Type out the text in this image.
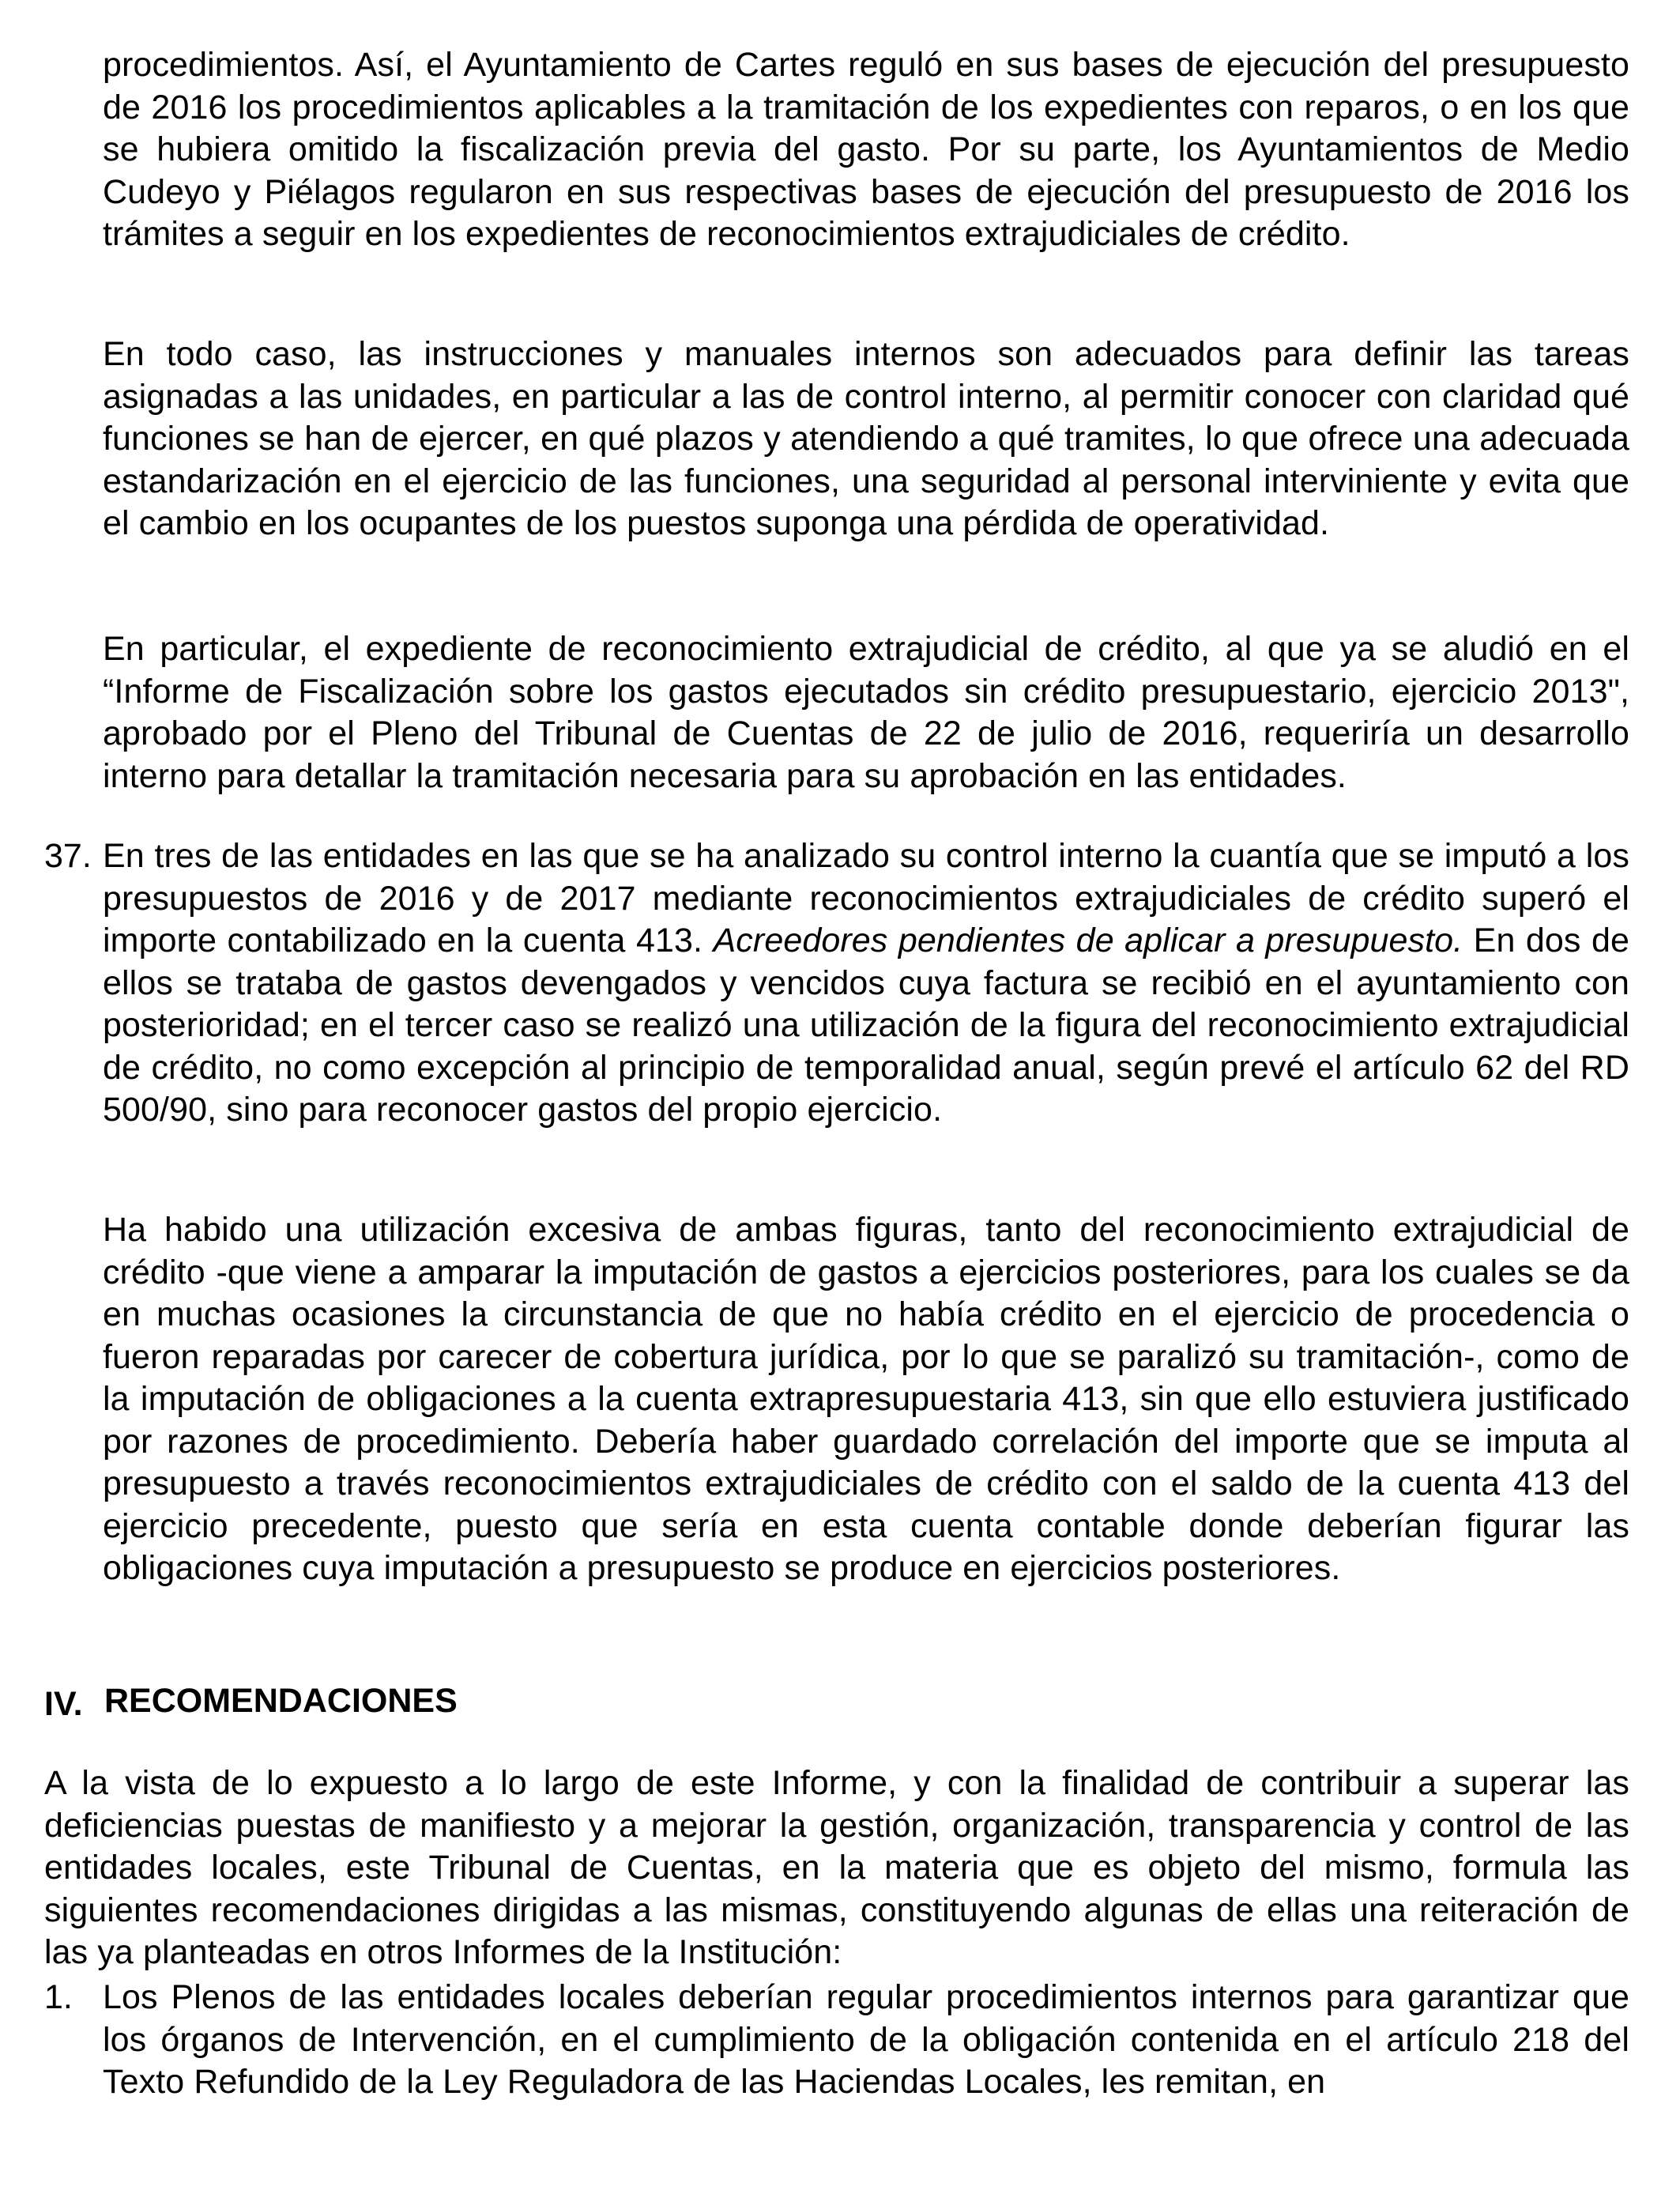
procedimientos. Así, el Ayuntamiento de Cartes reguló en sus bases de ejecución del presupuesto de 2016 los procedimientos aplicables a la tramitación de los expedientes con reparos, o en los que se hubiera omitido la fiscalización previa del gasto. Por su parte, los Ayuntamientos de Medio Cudeyo y Piélagos regularon en sus respectivas bases de ejecución del presupuesto de 2016 los trámites a seguir en los expedientes de reconocimientos extrajudiciales de crédito.

En todo caso, las instrucciones y manuales internos son adecuados para definir las tareas asignadas a las unidades, en particular a las de control interno, al permitir conocer con claridad qué funciones se han de ejercer, en qué plazos y atendiendo a qué tramites, lo que ofrece una adecuada estandarización en el ejercicio de las funciones, una seguridad al personal interviniente y evita que el cambio en los ocupantes de los puestos suponga una pérdida de operatividad.

En particular, el expediente de reconocimiento extrajudicial de crédito, al que ya se aludió en el “Informe de Fiscalización sobre los gastos ejecutados sin crédito presupuestario, ejercicio 2013", aprobado por el Pleno del Tribunal de Cuentas de 22 de julio de 2016, requeriría un desarrollo interno para detallar la tramitación necesaria para su aprobación en las entidades.

37. En tres de las entidades en las que se ha analizado su control interno la cuantía que se imputó a los presupuestos de 2016 y de 2017 mediante reconocimientos extrajudiciales de crédito superó el importe contabilizado en la cuenta 413. Acreedores pendientes de aplicar a presupuesto. En dos de ellos se trataba de gastos devengados y vencidos cuya factura se recibió en el ayuntamiento con posterioridad; en el tercer caso se realizó una utilización de la figura del reconocimiento extrajudicial de crédito, no como excepción al principio de temporalidad anual, según prevé el artículo 62 del RD 500/90, sino para reconocer gastos del propio ejercicio.

Ha habido una utilización excesiva de ambas figuras, tanto del reconocimiento extrajudicial de crédito -que viene a amparar la imputación de gastos a ejercicios posteriores, para los cuales se da en muchas ocasiones la circunstancia de que no había crédito en el ejercicio de procedencia o fueron reparadas por carecer de cobertura jurídica, por lo que se paralizó su tramitación-, como de la imputación de obligaciones a la cuenta extrapresupuestaria 413, sin que ello estuviera justificado por razones de procedimiento. Debería haber guardado correlación del importe que se imputa al presupuesto a través reconocimientos extrajudiciales de crédito con el saldo de la cuenta 413 del ejercicio precedente, puesto que sería en esta cuenta contable donde deberían figurar las obligaciones cuya imputación a presupuesto se produce en ejercicios posteriores.

IV. RECOMENDACIONES

A la vista de lo expuesto a lo largo de este Informe, y con la finalidad de contribuir a superar las deficiencias puestas de manifiesto y a mejorar la gestión, organización, transparencia y control de las entidades locales, este Tribunal de Cuentas, en la materia que es objeto del mismo, formula las siguientes recomendaciones dirigidas a las mismas, constituyendo algunas de ellas una reiteración de las ya planteadas en otros Informes de la Institución:

1. Los Plenos de las entidades locales deberían regular procedimientos internos para garantizar que los órganos de Intervención, en el cumplimiento de la obligación contenida en el artículo 218 del Texto Refundido de la Ley Reguladora de las Haciendas Locales, les remitan, en
